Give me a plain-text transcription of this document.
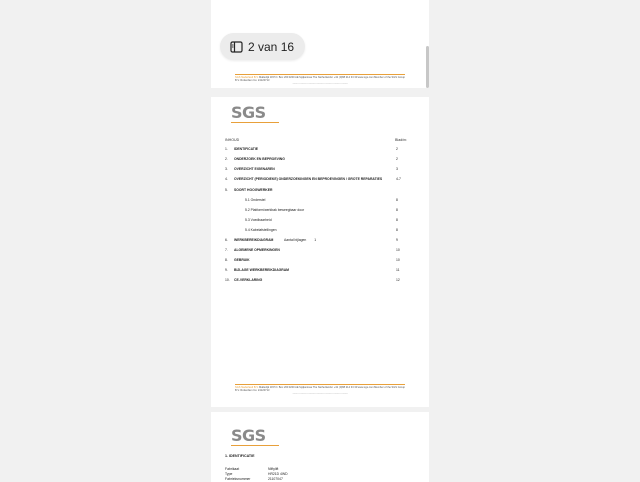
SGS Nederland B.V. Malledijk 18 P.O. Box 200 3200 AE Spijkenisse The Netherlands t +31 (0)88 214 33 33 www.sgs.com Member of the SGS Group
B.V. Rotterdam Inv. 24120713
‐‐‐‐‐‐‐‐‐‐‐‐‐‐‐‐‐‐‐‐‐‐‐‐‐‐‐‐‐‐‐‐‐‐‐‐‐‐‐‐‐‐‐‐‐‐‐‐‐‐‐‐‐‐‐‐‐‐‐‐‐‐‐‐‐‐‐‐‐‐‐‐‐‐‐‐
2 van 16
SGS
INHOUD	Blad/nr.
1. IDENTIFICATIE	2
2. ONDERZOEK EN BEPROEVING	2
3. OVERZICHT EIGENAREN	3
4. OVERZICHT (PERIODIEKE) ONDERZOEKINGEN EN BEPROEVINGEN / GROTE REPARATIES	4-7
5. SOORT HOOGWERKER
5.1 Onderstel	8
5.2 Platform/werkbak beweegbaar door	8
5.3 Voedbaarheid	8
5.4 Kabelafstellingen	8
6. WERKBEREIKDIAGRAM	Aantal bijlagen 1	9
7. ALGEMENE OPMERKINGEN	10
8. GEBRUIK	10
9. BIJLAGE WERKBEREIKDIAGRAM	11
10. CE-VERKLARING	12
SGS Nederland B.V. Malledijk 18 P.O. Box 200 3200 AE Spijkenisse The Netherlands t +31 (0)88 214 33 33 www.sgs.com Member of the SGS Group
B.V. Rotterdam Inv. 24120713
‐‐‐‐‐‐‐‐‐‐‐‐‐‐‐‐‐‐‐‐‐‐‐‐‐‐‐‐‐‐‐‐‐‐‐‐‐‐‐‐‐‐‐‐‐‐‐‐‐‐‐‐‐‐‐‐‐‐‐‐‐‐‐‐‐‐‐‐‐‐‐‐‐‐‐‐
SGS
1. IDENTIFICATIE
Fabrikaat	NIftylift
Type	HR21D 4WD
Fabrieksnummer	21107047
